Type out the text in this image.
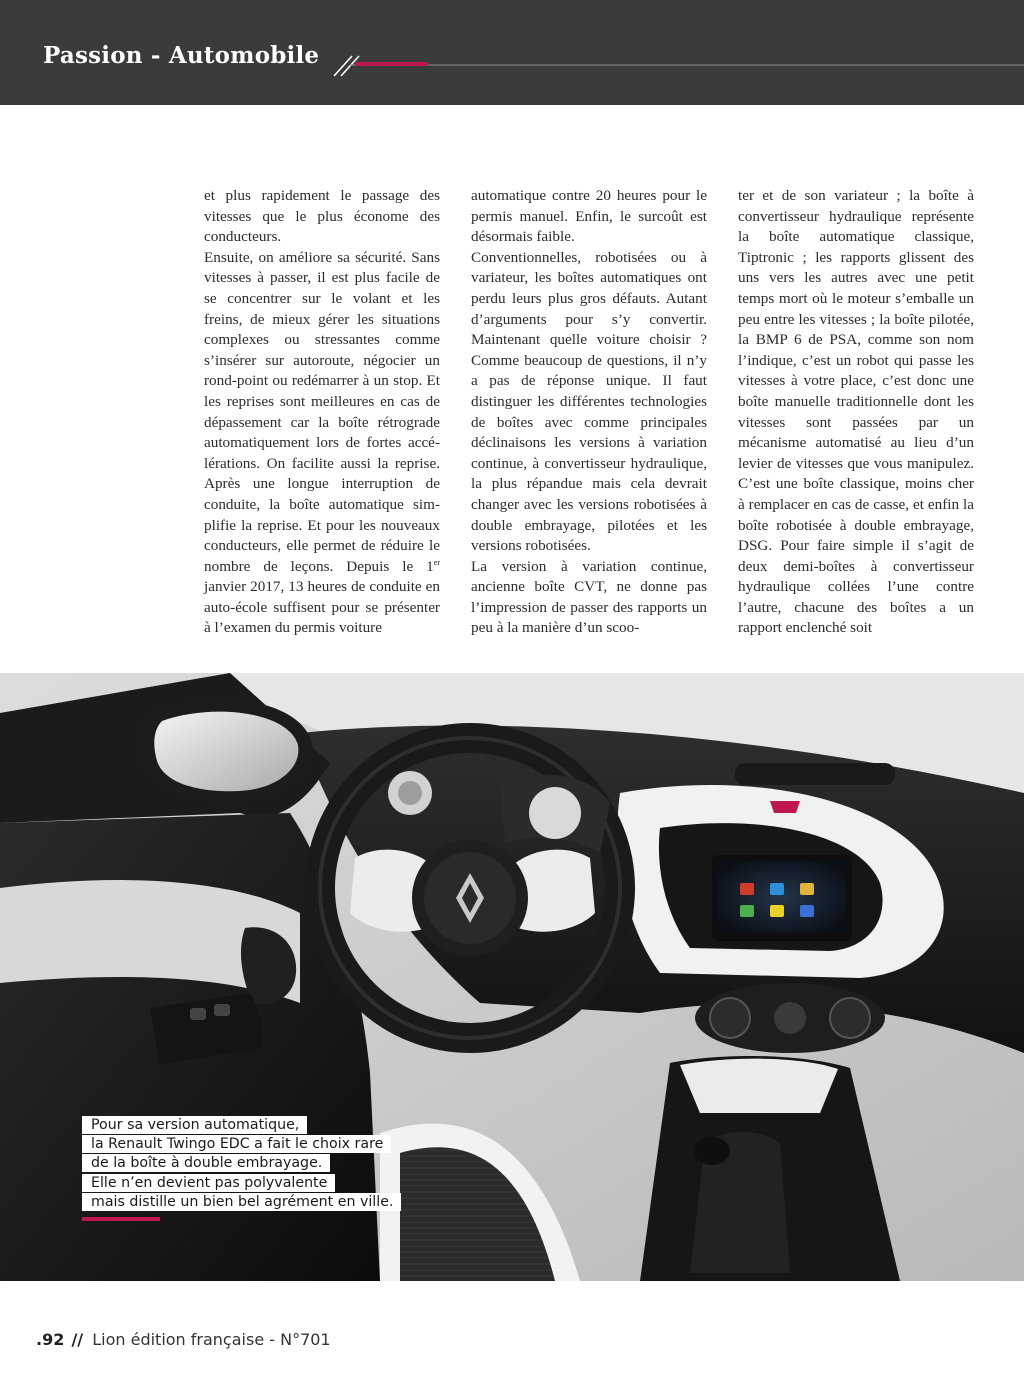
Passion - Automobile

et plus rapidement le passage des vitesses que le plus économe des conducteurs.

Ensuite, on améliore sa sécurité. Sans vitesses à passer, il est plus facile de se concentrer sur le volant et les freins, de mieux gérer les situations complexes ou stressantes comme s’insérer sur autoroute, négocier un rond-point ou redémarrer à un stop. Et les reprises sont meilleures en cas de dépassement car la boîte rétrograde automatiquement lors de fortes accélérations. On facilite aussi la reprise. Après une longue interruption de conduite, la boîte automatique simplifie la reprise. Et pour les nouveaux conducteurs, elle permet de réduire le nombre de leçons. Depuis le 1er janvier 2017, 13 heures de conduite en auto-école suffisent pour se présenter à l’examen du permis voiture

automatique contre 20 heures pour le permis manuel. Enfin, le surcoût est désormais faible.

Conventionnelles, robotisées ou à variateur, les boîtes automatiques ont perdu leurs plus gros défauts. Autant d’arguments pour s’y convertir. Maintenant quelle voiture choisir ? Comme beaucoup de questions, il n’y a pas de réponse unique. Il faut distinguer les différentes technologies de boîtes avec comme principales déclinaisons les versions à variation continue, à convertisseur hydraulique, la plus répandue mais cela devrait changer avec les versions robotisées à double embrayage, pilotées et les versions robotisées.

La version à variation continue, ancienne boîte CVT, ne donne pas l’impression de passer des rapports un peu à la manière d’un scoo-

ter et de son variateur ; la boîte à convertisseur hydraulique représente la boîte automatique classique, Tiptronic ; les rapports glissent des uns vers les autres avec une petit temps mort où le moteur s’emballe un peu entre les vitesses ; la boîte pilotée, la BMP 6 de PSA, comme son nom l’indique, c’est un robot qui passe les vitesses à votre place, c’est donc une boîte manuelle traditionnelle dont les vitesses sont passées par un mécanisme automatisé au lieu d’un levier de vitesses que vous manipulez. C’est une boîte classique, moins cher à remplacer en cas de casse, et enfin la boîte robotisée à double embrayage, DSG. Pour faire simple il s’agit de deux demi-boîtes à convertisseur hydraulique collées l’une contre l’autre, chacune des boîtes a un rapport enclenché soit

Pour sa version automatique,
la Renault Twingo EDC a fait le choix rare
de la boîte à double embrayage.
Elle n’en devient pas polyvalente
mais distille un bien bel agrément en ville.
.92 // Lion édition française - N°701
